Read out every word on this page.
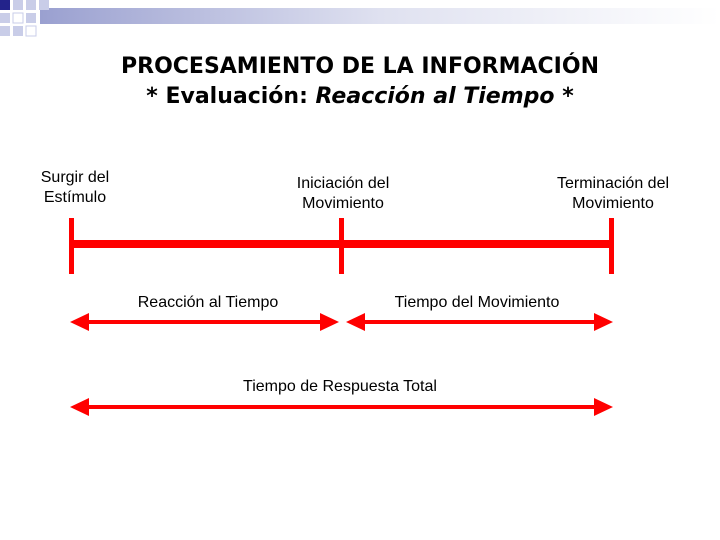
PROCESAMIENTO DE LA INFORMACIÓN
* Evaluación: Reacción al Tiempo *
Surgir del
Estímulo
Iniciación del
Movimiento
Terminación del
Movimiento
Reacción al Tiempo	Tiempo del Movimiento
Tiempo de Respuesta Total
